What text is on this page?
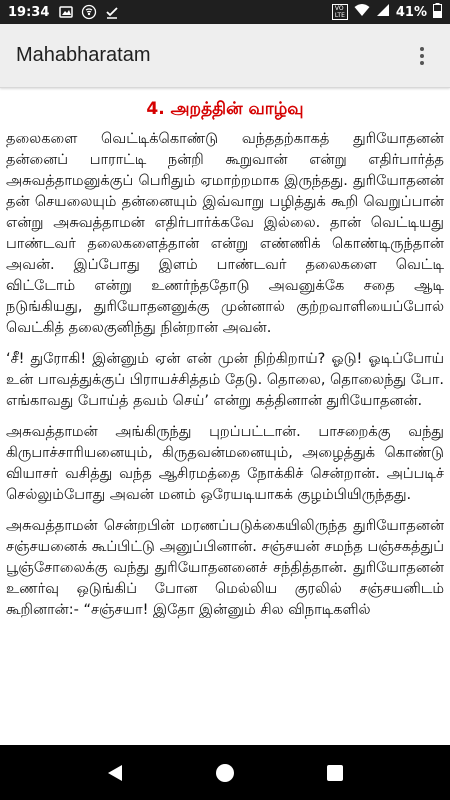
19:34	VO
LTE	41%
Mahabharatam
4. அறத்தின் வாழ்வு

தலைகளை வெட்டிக்கொண்டு வந்ததற்காகத் துரியோதனன் தன்னைப் பாராட்டி நன்றி கூறுவான் என்று எதிர்பார்த்த அசுவத்தாமனுக்குப் பெரிதும் ஏமாற்றமாக இருந்தது. துரியோதனன் தன் செயலையும் தன்னையும் இவ்வாறு பழித்துக் கூறி வெறுப்பான் என்று அசுவத்தாமன் எதிர்பார்க்கவே இல்லை. தான் வெட்டியது பாண்டவர் தலைகளைத்தான் என்று எண்ணிக் கொண்டிருந்தான் அவன். இப்போது இளம் பாண்டவர் தலைகளை வெட்டி விட்டோம் என்று உணர்ந்ததோடு அவனுக்கே சதை ஆடி நடுங்கியது, துரியோதனனுக்கு முன்னால் குற்றவாளியைப்போல் வெட்கித் தலைகுனிந்து நின்றான் அவன்.

‘சீ! துரோகி! இன்னும் ஏன் என் முன் நிற்கிறாய்? ஓடு! ஓடிப்போய் உன் பாவத்துக்குப் பிராயச்சித்தம் தேடு. தொலை, தொலைந்து போ. எங்காவது போய்த் தவம் செய்’ என்று கத்தினான் துரியோதனன்.

அசுவத்தாமன் அங்கிருந்து புறப்பட்டான். பாசறைக்கு வந்து கிருபாச்சாரியனையும், கிருதவன்மனையும், அழைத்துக் கொண்டு வியாசர் வசித்து வந்த ஆசிரமத்தை நோக்கிச் சென்றான். அப்படிச் செல்லும்போது அவன் மனம் ஒரேயடியாகக் குழம்பியிருந்தது.

அசுவத்தாமன் சென்றபின் மரணப்படுக்கையிலிருந்த துரியோதனன் சஞ்சயனைக் கூப்பிட்டு அனுப்பினான். சஞ்சயன் சமந்த பஞ்சகத்துப் பூஞ்சோலைக்கு வந்து துரியோதனனைச் சந்தித்தான். துரியோதனன் உணர்வு ஒடுங்கிப் போன மெல்லிய குரலில் சஞ்சயனிடம் கூறினான்:- “சஞ்சயா! இதோ இன்னும் சில விநாடிகளில்
